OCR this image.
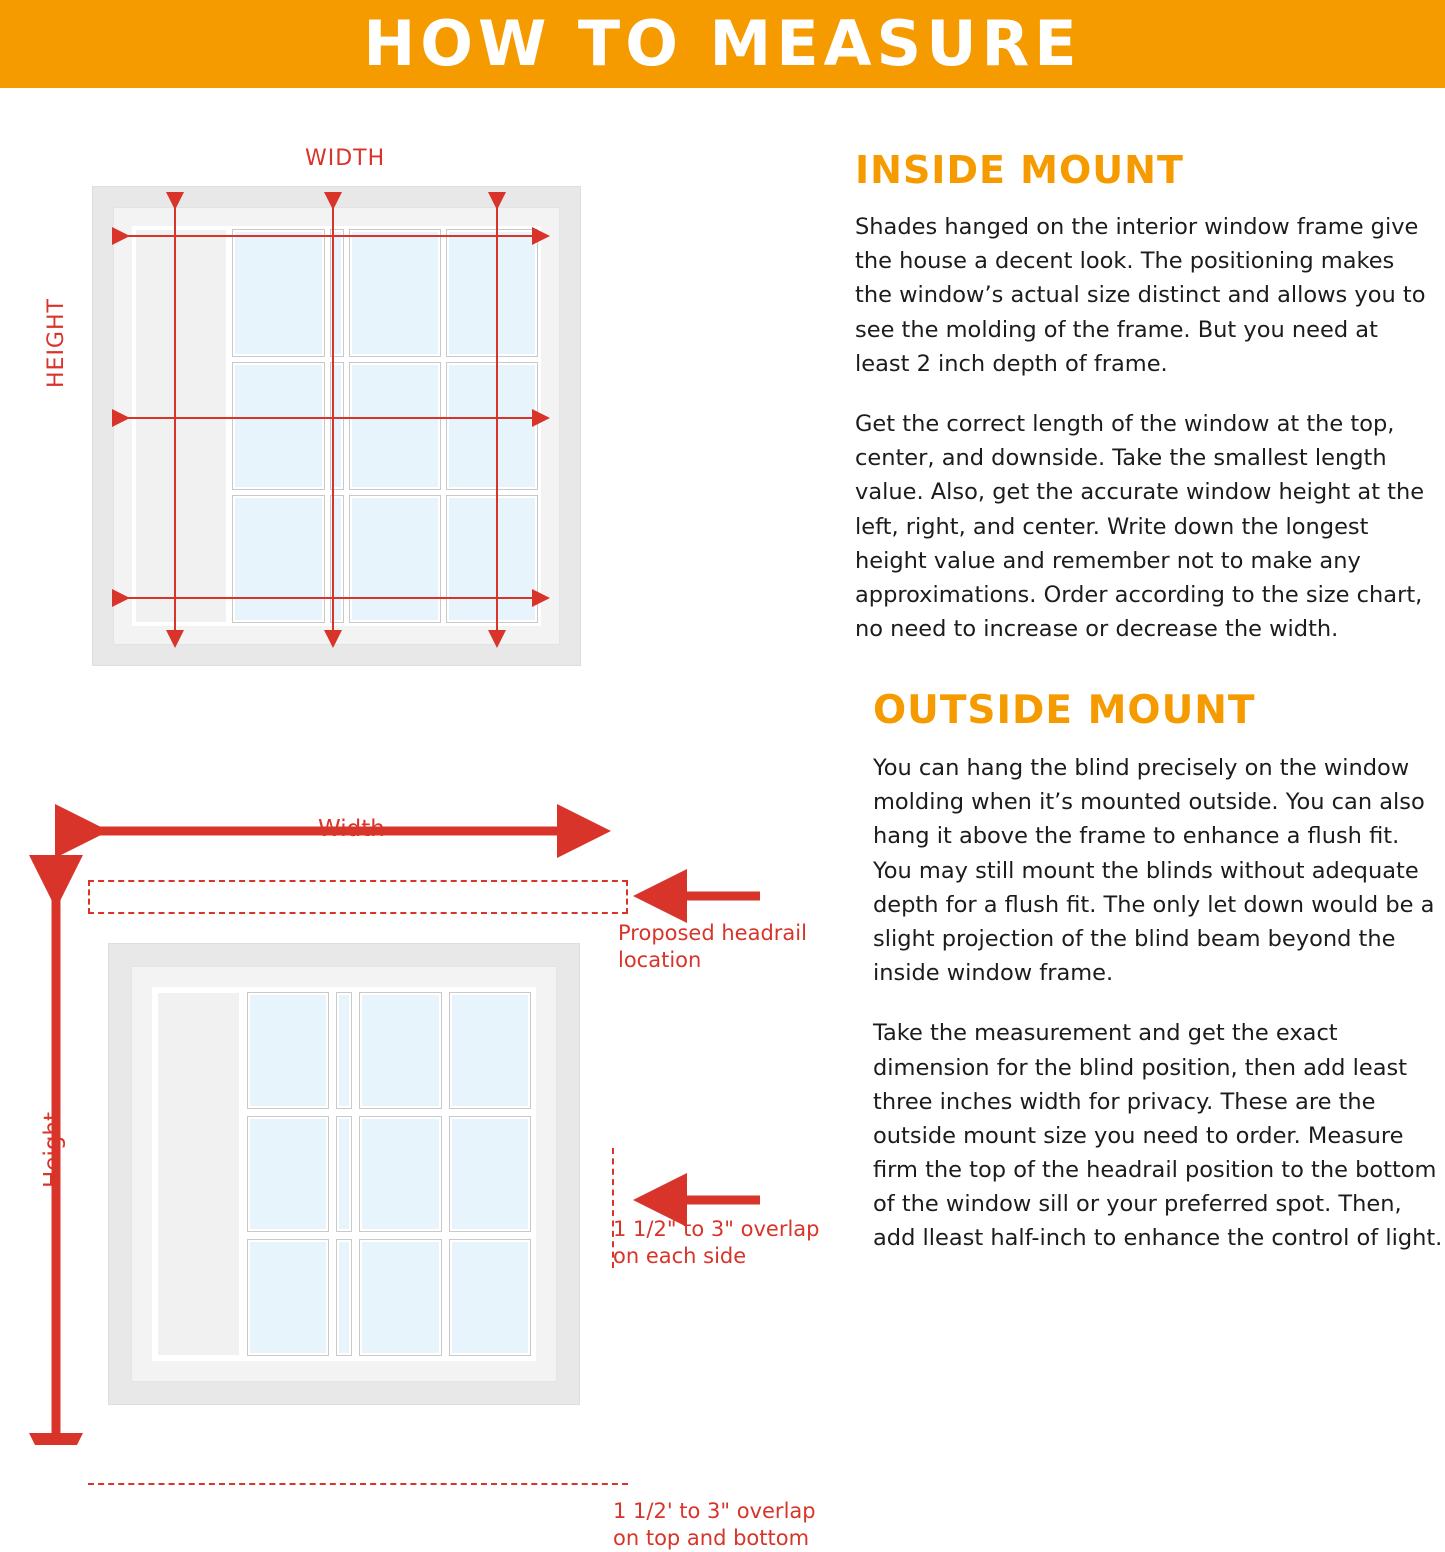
HOW TO MEASURE
WIDTH
HEIGHT
Width
Height
Proposed headrail location
1 1/2" to 3" overlap on each side
1 1/2' to 3" overlap on top and bottom
INSIDE MOUNT

Shades hanged on the interior window frame give the house a decent look. The positioning makes the window’s actual size distinct and allows you to see the molding of the frame. But you need at least 2 inch depth of frame.

Get the correct length of the window at the top, center, and downside. Take the smallest length value. Also, get the accurate window height at the left, right, and center. Write down the longest height value and remember not to make any approximations. Order according to the size chart, no need to increase or decrease the width.

OUTSIDE MOUNT

You can hang the blind precisely on the window molding when it’s mounted outside. You can also hang it above the frame to enhance a flush fit. You may still mount the blinds without adequate depth for a flush fit. The only let down would be a slight projection of the blind beam beyond the inside window frame.

Take the measurement and get the exact dimension for the blind position, then add least three inches width for privacy. These are the outside mount size you need to order. Measure firm the top of the headrail position to the bottom of the window sill or your preferred spot. Then, add lleast half-inch to enhance the control of light.
